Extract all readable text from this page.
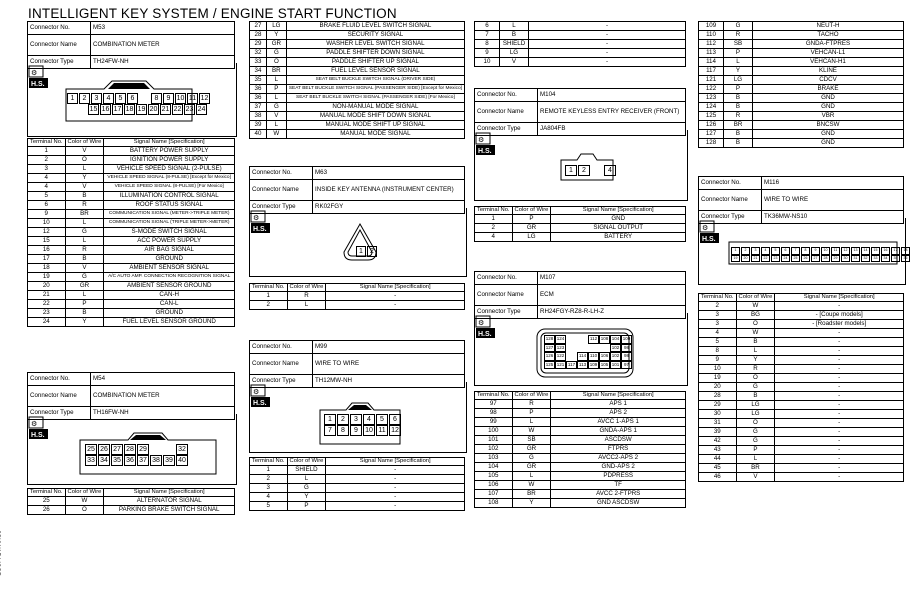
INTELLIGENT KEY SYSTEM / ENGINE START FUNCTION
Connector No.	M53
Connector Name	COMBINATION METER
Connector Type	TH24FW-NH
⚙
H.S.
1	2	3	4	5	6	8	9 10 11 12
15 16 17 18 19 20 21 22 23 24
Terminal No.	Color of Wire	Signal Name [Specification]
1	V	BATTERY POWER SUPPLY
2	O	IGNITION POWER SUPPLY
3	L	VEHICLE SPEED SIGNAL (2-PULSE)
4	Y	VEHICLE SPEED SIGNAL (8-PULSE) [Except for Mexico]
4	V	VEHICLE SPEED SIGNAL (8-PULSE) [For Mexico]
5	B	ILLUMINATION CONTROL SIGNAL
6	R	ROOF STATUS SIGNAL
9	BR	COMMUNICATION SIGNAL (METER->TRIPLE METER)
10	L	COMMUNICATION SIGNAL (TRIPLE METER->METER)
12	G	S-MODE SWITCH SIGNAL
15	L	ACC POWER SUPPLY
16	R	AIR BAG SIGNAL
17	B	GROUND
18	V	AMBIENT SENSOR SIGNAL
19	G	A/C AUTO AMP. CONNECTION RECOGNITION SIGNAL
20	GR	AMBIENT SENSOR GROUND
21	L	CAN-H
22	P	CAN-L
23	B	GROUND
24	Y	FUEL LEVEL SENSOR GROUND
27	LG	BRAKE FLUID LEVEL SWITCH SIGNAL
28	Y	SECURITY SIGNAL
29	GR	WASHER LEVEL SWITCH SIGNAL
32	G	PADDLE SHIFTER DOWN SIGNAL
33	O	PADDLE SHIFTER UP SIGNAL
34	BR	FUEL LEVEL SENSOR SIGNAL
35	L	SEAT BELT BUCKLE SWITCH SIGNAL (DRIVER SIDE)
36	P	SEAT BELT BUCKLE SWITCH SIGNAL (PASSENGER SIDE) [Except for Mexico]
36	L	SEAT BELT BUCKLE SWITCH SIGNAL (PASSENGER SIDE) [For Mexico]
37	G	NON-MANUAL MODE SIGNAL
38	V	MANUAL MODE SHIFT DOWN SIGNAL
39	L	MANUAL MODE SHIFT UP SIGNAL
40	W	MANUAL MODE SIGNAL
Connector No.	M54
Connector Name	COMBINATION METER
Connector Type	TH16FW-NH
⚙
H.S.
25 26 27 28 29	32
33 34 35 36 37 38 39 40
Terminal No.	Color of Wire	Signal Name [Specification]
25	W	ALTERNATOR SIGNAL
26	O	PARKING BRAKE SWITCH SIGNAL
Connector No.	M63
Connector Name	INSIDE KEY ANTENNA (INSTRUMENT CENTER)
Connector Type	RK02FGY
⚙
H.S.
1	2
Terminal No.	Color of Wire	Signal Name [Specification]
1	R	-
2	L	-
Connector No.	M99
Connector Name	WIRE TO WIRE
Connector Type	TH12MW-NH
⚙
H.S.
1	2	3	4	5	6
7	8	9	10 11 12
Terminal No.	Color of Wire	Signal Name [Specification]
1	SHIELD	-
2	L	-
3	G	-
4	Y	-
5	P	-
6	L	-
7	B	-
8	SHIELD	-
9	LG	-
10	V	-
Connector No.	M104
Connector Name	REMOTE KEYLESS ENTRY RECEIVER (FRONT)
Connector Type	JA804FB
⚙
H.S.
1	2	4
Terminal No.	Color of Wire	Signal Name [Specification]
1	P	GND
2	GR	SIGNAL OUTPUT
4	LG	BATTERY
Connector No.	M107
Connector Name	ECM
Connector Type	RH24FGY-RZ8-R-LH-Z
⚙
H.S.
128 124	112 108 104 100
127 123	102	98
126 122	114 110 106 102	98
125 121 117 113 109 105 101	97
Terminal No.	Color of Wire	Signal Name [Specification]
97	R	APS 1
98	P	APS 2
99	L	AVCC 1-APS 1
100	W	GNDA-APS 1
101	SB	ASCDSW
102	GR	FTPRS
103	G	AVCC2-APS 2
104	GR	GND-APS 2
105	L	PDPRESS
106	W	TF
107	BR	AVCC 2-FTPRS
108	Y	GND ASCDSW
109	G	NEUT-H
110	R	TACHO
112	SB	GNDA-FTPRES
113	P	VEHCAN-L1
114	L	VEHCAN-H1
117	Y	KLINE
121	LG	CDCV
122	P	BRAKE
123	B	GND
124	B	GND
125	R	VBR
126	BR	BNCSW
127	B	GND
128	B	GND
Connector No.	M116
Connector Name	WIRE TO WIRE
Connector Type	TK36MW-NS10
⚙
H.S.
1	2	3	4	5	6	7	8	9	10	11	12	13	14	15	16	17	18
19	20	21	22	23	24	25	26	27	28	29	30	31	32	33	34	35	36
Terminal No.	Color of Wire	Signal Name [Specification]
2	W	-
3	BG	- [Coupe models]
3	O	- [Roadster models]
4	W	-
5	B	-
8	L	-
9	Y	-
10	R	-
19	O	-
20	G	-
28	B	-
29	LG	-
30	LG	-
31	O	-
39	G	-
42	G	-
43	P	-
44	L	-
45	BR	-
46	V	-
